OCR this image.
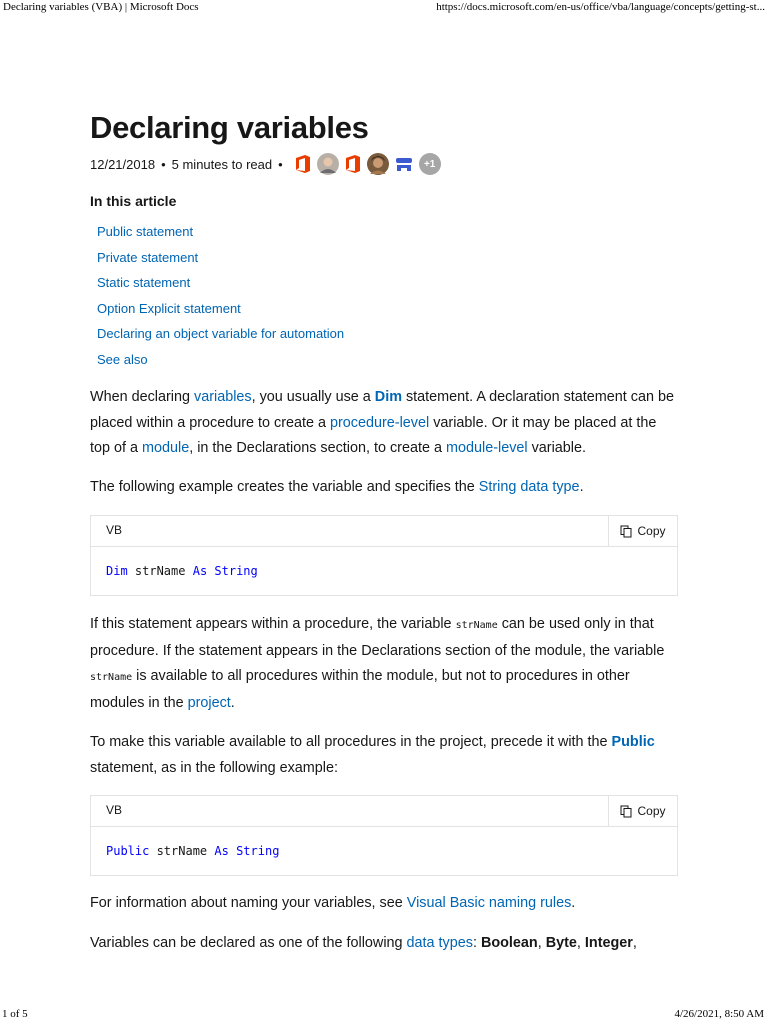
Declaring variables (VBA) | Microsoft Docs	https://docs.microsoft.com/en-us/office/vba/language/concepts/getting-st...
Declaring variables
12/21/2018 • 5 minutes to read •	+1
In this article
Public statement
Private statement
Static statement
Option Explicit statement
Declaring an object variable for automation
See also

When declaring variables, you usually use a Dim statement. A declaration statement can be placed within a procedure to create a procedure-level variable. Or it may be placed at the top of a module, in the Declarations section, to create a module-level variable.

The following example creates the variable and specifies the String data type.

VB	Copy
Dim strName As String

If this statement appears within a procedure, the variable strName can be used only in that procedure. If the statement appears in the Declarations section of the module, the variable strName is available to all procedures within the module, but not to procedures in other modules in the project.

To make this variable available to all procedures in the project, precede it with the Public statement, as in the following example:

VB	Copy
Public strName As String

For information about naming your variables, see Visual Basic naming rules.

Variables can be declared as one of the following data types: Boolean, Byte, Integer,

1 of 5	4/26/2021, 8:50 AM
